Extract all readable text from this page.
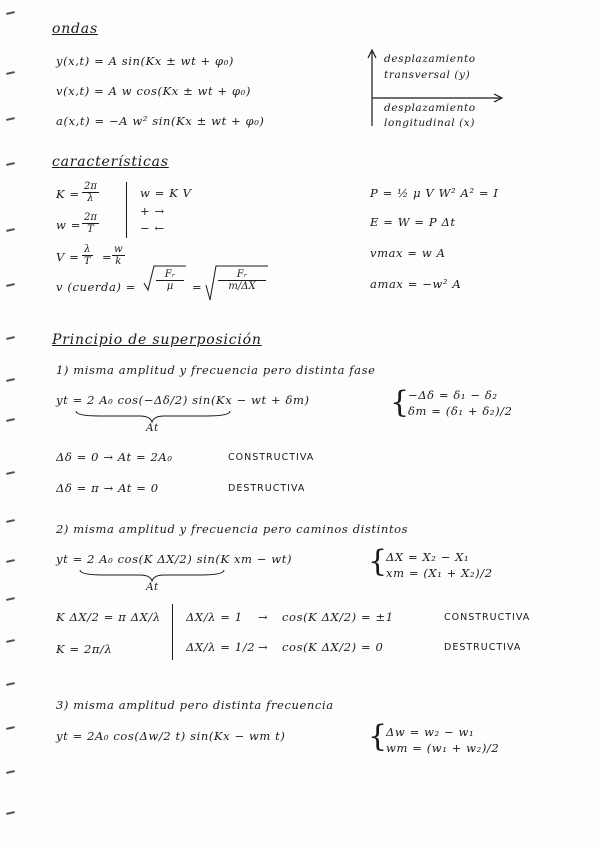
ondas
y(x,t) = A sin(Kx ± wt + φ₀)
v(x,t) = A w cos(Kx ± wt + φ₀)
a(x,t) = −A w² sin(Kx ± wt + φ₀)
desplazamiento
transversal (y)
desplazamiento
longitudinal (x)
características
$K = \frac{2\pi}{\lambda}$
$w = \frac{2\pi}{T}$
$V = \frac{\lambda}{T} = \frac{w}{k}$
v (cuerda) = $\frac{\text{Fᵣ}}{\mu} = \frac{\text{Fᵣ}}{m/\Delta X}$
w = K V
+ →
− ←
P = ½ μ V W² A² = I
E = W = P Δt
vmax = w A
amax = −w² A
Principio de superposición
1) misma amplitud y frecuencia pero distinta fase
yt = 2 A₀ cos(−Δδ/2) sin(Kx − wt + δm)
At
{
−Δδ = δ₁ − δ₂
δm = (δ₁ + δ₂)/2
Δδ = 0 → At = 2A₀	CONSTRUCTIVA
Δδ = π → At = 0	DESTRUCTIVA
2) misma amplitud y frecuencia pero caminos distintos
yt = 2 A₀ cos(K ΔX/2) sin(K xm − wt)
At
{
ΔX = X₂ − X₁
xm = (X₁ + X₂)/2
K ΔX/2 = π ΔX/λ
K = 2π/λ
ΔX/λ = 1 → cos(K ΔX/2) = ±1	CONSTRUCTIVA
ΔX/λ = 1/2 → cos(K ΔX/2) = 0	DESTRUCTIVA
3) misma amplitud pero distinta frecuencia
yt = 2A₀ cos(Δw/2 t) sin(Kx − wm t)	{
Δw = w₂ − w₁
wm = (w₁ + w₂)/2
